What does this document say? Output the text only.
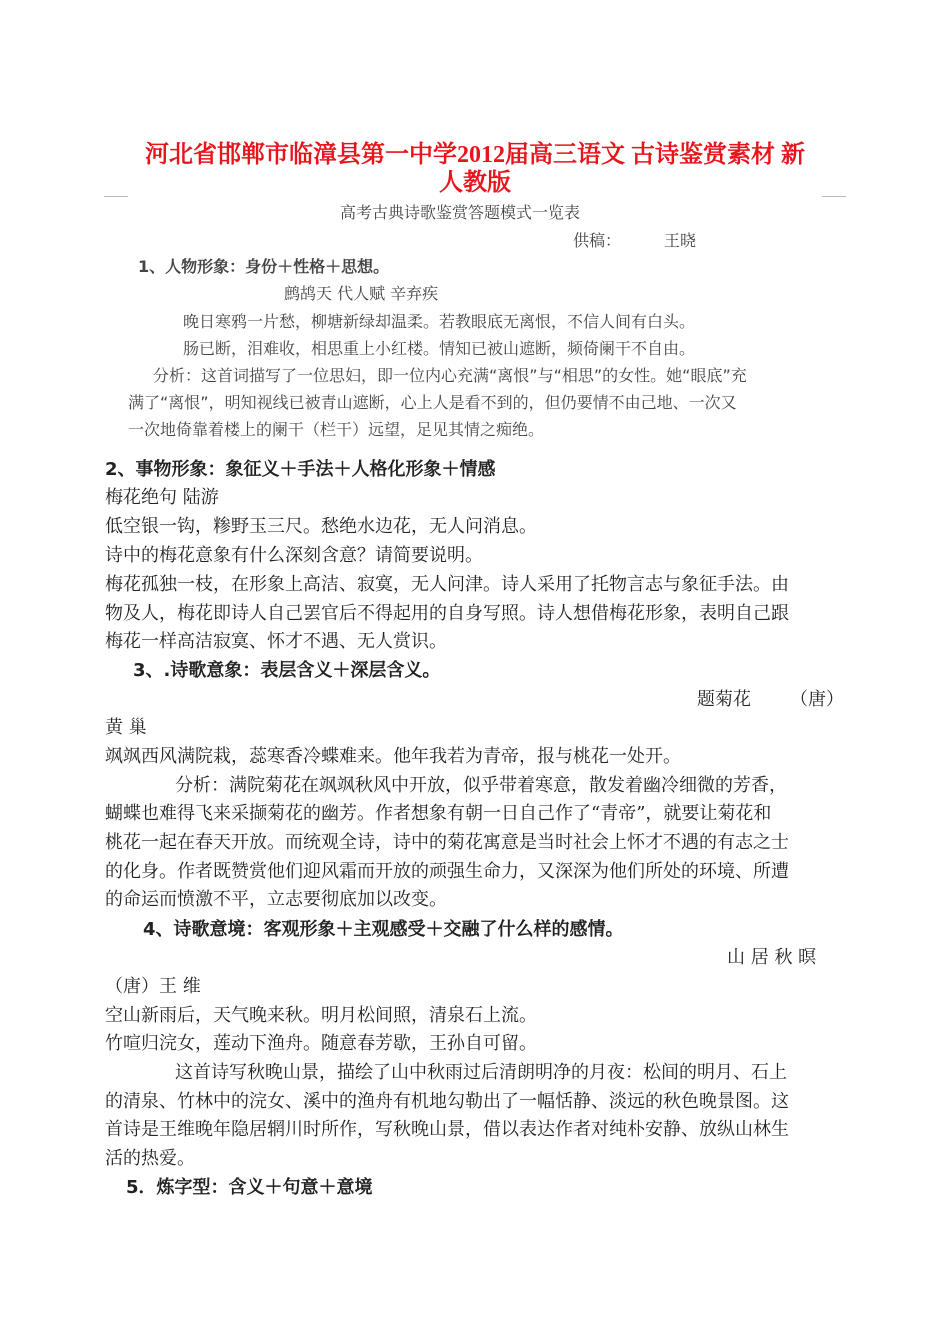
河北省邯郸市临漳县第一中学2012届高三语文 古诗鉴赏素材 新
人教版
高考古典诗歌鉴赏答题模式一览表
供稿：	王晓
1、人物形象：身份＋性格＋思想。
鹧鸪天 代人赋 辛弃疾
晚日寒鸦一片愁，柳塘新绿却温柔。若教眼底无离恨，不信人间有白头。
肠已断，泪难收，相思重上小红楼。情知已被山遮断，频倚阑干不自由。
分析：这首词描写了一位思妇，即一位内心充满“离恨”与“相思”的女性。她“眼底”充
满了“离恨”，明知视线已被青山遮断，心上人是看不到的，但仍要情不由己地、一次又
一次地倚靠着楼上的阑干（栏干）远望，足见其情之痴绝。
2、事物形象：象征义＋手法＋人格化形象＋情感
梅花绝句 陆游
低空银一钩，糁野玉三尺。愁绝水边花，无人问消息。
诗中的梅花意象有什么深刻含意？请简要说明。
梅花孤独一枝，在形象上高洁、寂寞，无人问津。诗人采用了托物言志与象征手法。由
物及人，梅花即诗人自己罢官后不得起用的自身写照。诗人想借梅花形象，表明自己跟
梅花一样高洁寂寞、怀才不遇、无人赏识。
3、.诗歌意象：表层含义＋深层含义。
题菊花 （唐）
黄 巢
飒飒西风满院栽，蕊寒香冷蝶难来。他年我若为青帝，报与桃花一处开。
分析：满院菊花在飒飒秋风中开放，似乎带着寒意，散发着幽冷细微的芳香，
蝴蝶也难得飞来采撷菊花的幽芳。作者想象有朝一日自己作了“青帝”，就要让菊花和
桃花一起在春天开放。而统观全诗，诗中的菊花寓意是当时社会上怀才不遇的有志之士
的化身。作者既赞赏他们迎风霜而开放的顽强生命力，又深深为他们所处的环境、所遭
的命运而愤激不平，立志要彻底加以改变。
4、诗歌意境：客观形象＋主观感受＋交融了什么样的感情。
山 居 秋 暝
（唐）王 维
空山新雨后，天气晚来秋。明月松间照，清泉石上流。
竹喧归浣女，莲动下渔舟。随意春芳歇，王孙自可留。
这首诗写秋晚山景，描绘了山中秋雨过后清朗明净的月夜：松间的明月、石上
的清泉、竹林中的浣女、溪中的渔舟有机地勾勒出了一幅恬静、淡远的秋色晚景图。这
首诗是王维晚年隐居辋川时所作，写秋晚山景，借以表达作者对纯朴安静、放纵山林生
活的热爱。
5．炼字型：含义＋句意＋意境
